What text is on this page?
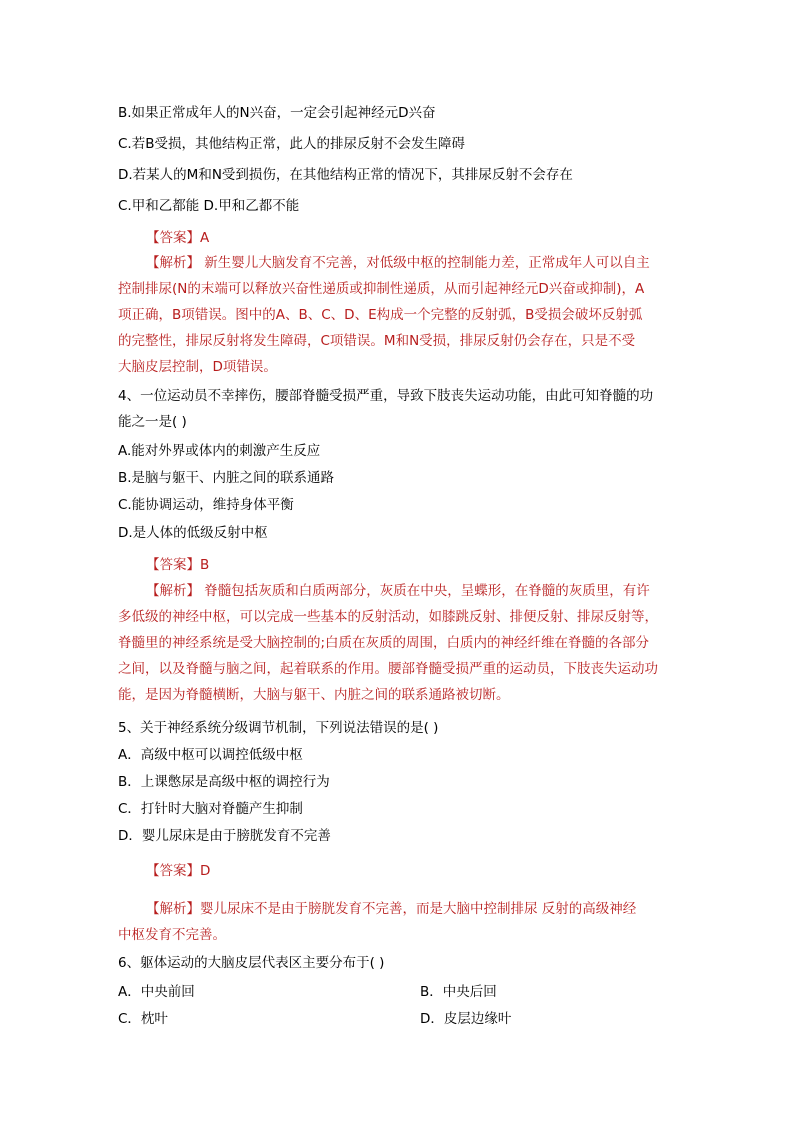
B.如果正常成年人的N兴奋，一定会引起神经元D兴奋
C.若B受损，其他结构正常，此人的排尿反射不会发生障碍
D.若某人的M和N受到损伤，在其他结构正常的情况下，其排尿反射不会存在
C.甲和乙都能 D.甲和乙都不能
【答案】A
【解析】 新生婴儿大脑发育不完善，对低级中枢的控制能力差，正常成年人可以自主
控制排尿(N的末端可以释放兴奋性递质或抑制性递质，从而引起神经元D兴奋或抑制)，A
项正确，B项错误。图中的A、B、C、D、E构成一个完整的反射弧，B受损会破坏反射弧
的完整性，排尿反射将发生障碍，C项错误。M和N受损，排尿反射仍会存在，只是不受
大脑皮层控制，D项错误。
4、一位运动员不幸摔伤，腰部脊髓受损严重，导致下肢丧失运动功能，由此可知脊髓的功
能之一是( )
A.能对外界或体内的刺激产生反应
B.是脑与躯干、内脏之间的联系通路
C.能协调运动，维持身体平衡
D.是人体的低级反射中枢
【答案】B
【解析】 脊髓包括灰质和白质两部分，灰质在中央，呈蝶形，在脊髓的灰质里，有许
多低级的神经中枢，可以完成一些基本的反射活动，如膝跳反射、排便反射、排尿反射等，
脊髓里的神经系统是受大脑控制的;白质在灰质的周围，白质内的神经纤维在脊髓的各部分
之间，以及脊髓与脑之间，起着联系的作用。腰部脊髓受损严重的运动员，下肢丧失运动功
能，是因为脊髓横断，大脑与躯干、内脏之间的联系通路被切断。
5、关于神经系统分级调节机制，下列说法错误的是( )
A．高级中枢可以调控低级中枢
B．上课憋尿是高级中枢的调控行为
C．打针时大脑对脊髓产生抑制
D．婴儿尿床是由于膀胱发育不完善
【答案】D
【解析】婴儿尿床不是由于膀胱发育不完善，而是大脑中控制排尿 反射的高级神经
中枢发育不完善。
6、躯体运动的大脑皮层代表区主要分布于( )
A．中央前回	B．中央后回
C．枕叶	D．皮层边缘叶
